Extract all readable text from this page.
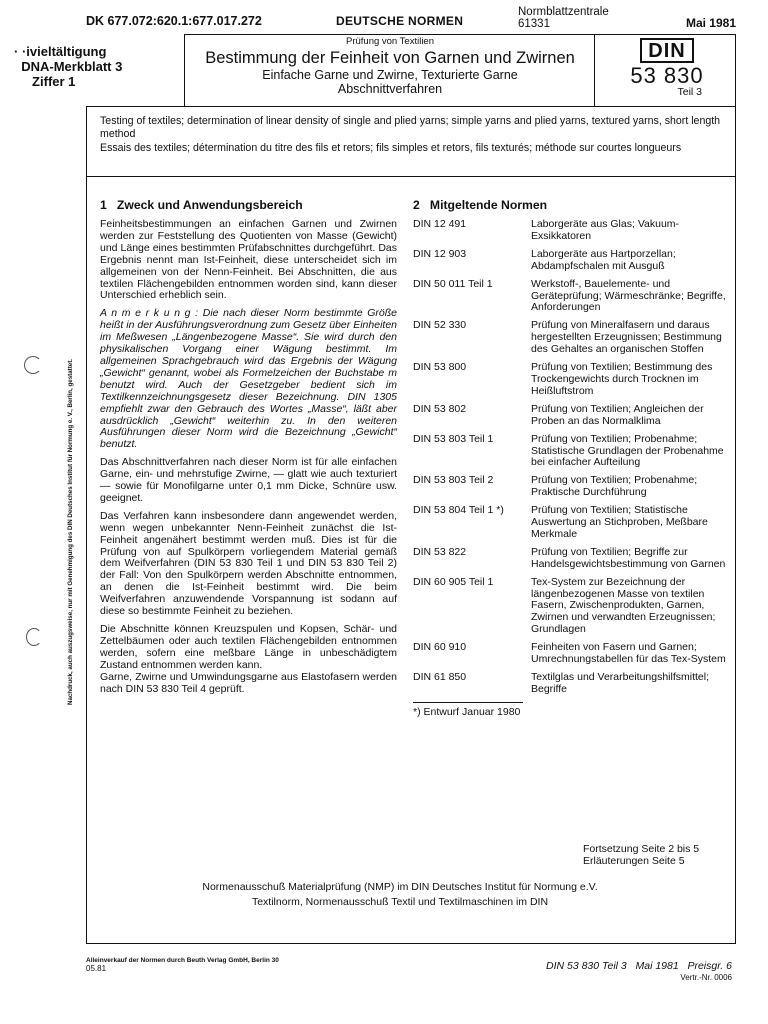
DK 677.072:620.1:677.017.272	DEUTSCHE NORMEN
Normblattzentrale
61331	Mai 1981
· ·ivieltältigung
DNA-Merkblatt 3
Ziffer 1
Prüfung von Textilien
Bestimmung der Feinheit von Garnen und Zwirnen
Einfache Garne und Zwirne, Texturierte Garne
Abschnittverfahren
DIN
53 830
Teil 3

Testing of textiles; determination of linear density of single and plied yarns; simple yarns and plied yarns, textured yarns, short length method

Essais des textiles; détermination du titre des fils et retors; fils simples et retors, fils texturés; méthode sur courtes longueurs

Nachdruck, auch auszugsweise, nur mit Genehmigung des DIN Deutsches Institut für Normung e. V., Berlin, gestattet.
1   Zweck und Anwendungsbereich

Feinheitsbestimmungen an einfachen Garnen und Zwirnen werden zur Feststellung des Quotienten von Masse (Gewicht) und Länge eines bestimmten Prüfabschnittes durchgeführt. Das Ergebnis nennt man Ist-Feinheit, diese unterscheidet sich im allgemeinen von der Nenn-Feinheit. Bei Abschnitten, die aus textilen Flächengebilden entnommen worden sind, kann dieser Unterschied erheblich sein.

A n m e r k u n g : Die nach dieser Norm bestimmte Größe heißt in der Ausführungsverordnung zum Gesetz über Einheiten im Meßwesen „Längenbezogene Masse“. Sie wird durch den physikalischen Vorgang einer Wägung bestimmt. Im allgemeinen Sprachgebrauch wird das Ergebnis der Wägung „Gewicht“ genannt, wobei als Formelzeichen der Buchstabe m benutzt wird. Auch der Gesetzgeber bedient sich im Textilkennzeichnungsgesetz dieser Bezeichnung. DIN 1305 empfiehlt zwar den Gebrauch des Wortes „Masse“, läßt aber ausdrücklich „Gewicht“ weiterhin zu. In den weiteren Ausführungen dieser Norm wird die Bezeichnung „Gewicht“ benutzt.

Das Abschnittverfahren nach dieser Norm ist für alle einfachen Garne, ein- und mehrstufige Zwirne, — glatt wie auch texturiert — sowie für Monofilgarne unter 0,1 mm Dicke, Schnüre usw. geeignet.

Das Verfahren kann insbesondere dann angewendet werden, wenn wegen unbekannter Nenn-Feinheit zunächst die Ist-Feinheit angenähert bestimmt werden muß. Dies ist für die Prüfung von auf Spulkörpern vorliegendem Material gemäß dem Weifverfahren (DIN 53 830 Teil 1 und DIN 53 830 Teil 2) der Fall: Von den Spulkörpern werden Abschnitte entnommen, an denen die Ist-Feinheit bestimmt wird. Die beim Weifverfahren anzuwendende Vorspannung ist sodann auf diese so bestimmte Feinheit zu beziehen.

Die Abschnitte können Kreuzspulen und Kopsen, Schär- und Zettelbäumen oder auch textilen Flächengebilden entnommen werden, sofern eine meßbare Länge in unbeschädigtem Zustand entnommen werden kann.

Garne, Zwirne und Umwindungsgarne aus Elastofasern werden nach DIN 53 830 Teil 4 geprüft.

2   Mitgeltende Normen
DIN 12 491	Laborgeräte aus Glas; Vakuum-Exsikkatoren
DIN 12 903	Laborgeräte aus Hartporzellan; Abdampfschalen mit Ausguß
DIN 50 011 Teil 1	Werkstoff-, Bauelemente- und Geräteprüfung; Wärmeschränke; Begriffe, Anforderungen
DIN 52 330	Prüfung von Mineralfasern und daraus hergestellten Erzeugnissen; Bestimmung des Gehaltes an organischen Stoffen
DIN 53 800	Prüfung von Textilien; Bestimmung des Trockengewichts durch Trocknen im Heißluftstrom
DIN 53 802	Prüfung von Textilien; Angleichen der Proben an das Normalklima
DIN 53 803 Teil 1	Prüfung von Textilien; Probenahme; Statistische Grundlagen der Probenahme bei einfacher Aufteilung
DIN 53 803 Teil 2	Prüfung von Textilien; Probenahme; Praktische Durchführung
DIN 53 804 Teil 1 *)	Prüfung von Textilien; Statistische Auswertung an Stichproben, Meßbare Merkmale
DIN 53 822	Prüfung von Textilien; Begriffe zur Handelsgewichtsbestimmung von Garnen
DIN 60 905 Teil 1	Tex-System zur Bezeichnung der längenbezogenen Masse von textilen Fasern, Zwischenprodukten, Garnen, Zwirnen und verwandten Erzeugnissen; Grundlagen
DIN 60 910	Feinheiten von Fasern und Garnen; Umrechnungstabellen für das Tex-System
DIN 61 850	Textilglas und Verarbeitungshilfsmittel; Begriffe
*) Entwurf Januar 1980
Fortsetzung Seite 2 bis 5
Erläuterungen Seite 5
Normenausschuß Materialprüfung (NMP) im DIN Deutsches Institut für Normung e.V.
Textilnorm, Normenausschuß Textil und Textilmaschinen im DIN
Alleinverkauf der Normen durch Beuth Verlag GmbH, Berlin 30
05.81	DIN 53 830 Teil 3   Mai 1981   Preisgr. 6
Vertr.-Nr. 0006
